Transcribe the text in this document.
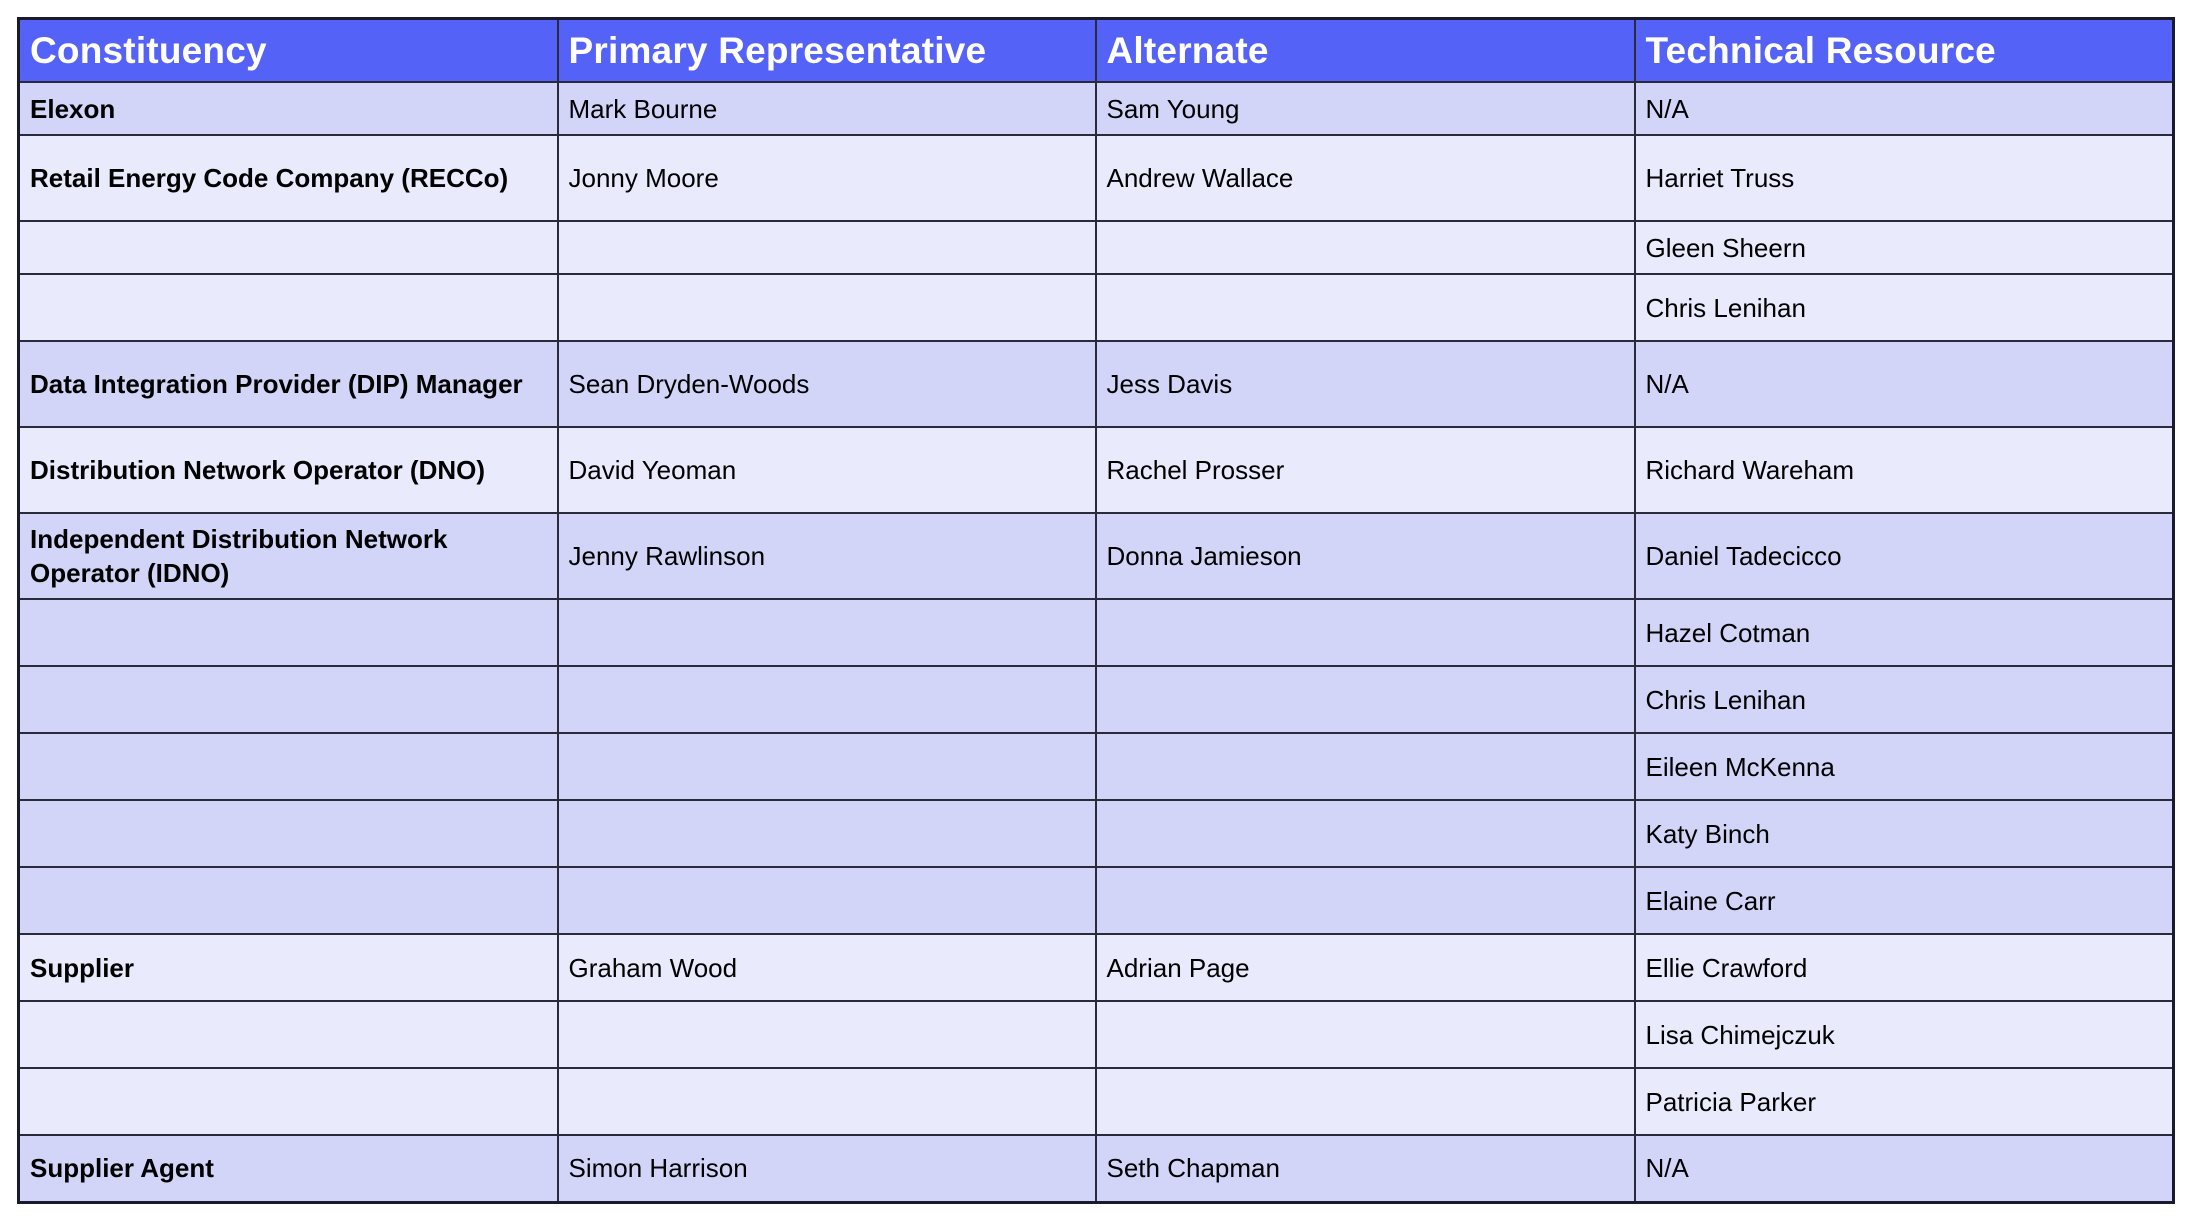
Constituency	Primary Representative	Alternate	Technical Resource
Elexon	Mark Bourne	Sam Young	N/A
Retail Energy Code Company (RECCo)	Jonny Moore	Andrew Wallace	Harriet Truss
			Gleen Sheern
			Chris Lenihan
Data Integration Provider (DIP) Manager	Sean Dryden-Woods	Jess Davis	N/A
Distribution Network Operator (DNO)	David Yeoman	Rachel Prosser	Richard Wareham
Independent Distribution Network Operator (IDNO)	Jenny Rawlinson	Donna Jamieson	Daniel Tadecicco
			Hazel Cotman
			Chris Lenihan
			Eileen McKenna
			Katy Binch
			Elaine Carr
Supplier	Graham Wood	Adrian Page	Ellie Crawford
			Lisa Chimejczuk
			Patricia Parker
Supplier Agent	Simon Harrison	Seth Chapman	N/A
